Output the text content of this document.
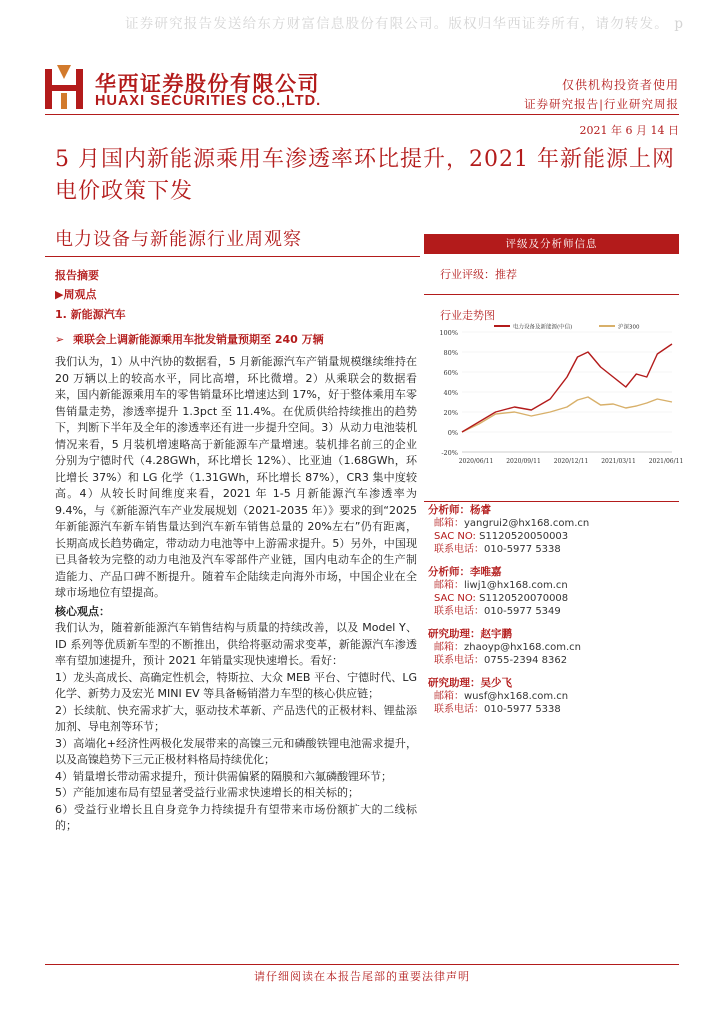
证券研究报告发送给东方财富信息股份有限公司。版权归华西证券所有，请勿转发。 p
华西证券股份有限公司
HUAXI SECURITIES CO.,LTD.
仅供机构投资者使用
证券研究报告|行业研究周报
2021 年 6 月 14 日
5 月国内新能源乘用车渗透率环比提升，2021 年新能源上网电价政策下发
电力设备与新能源行业周观察
报告摘要
▶周观点
1. 新能源汽车
➢ 乘联会上调新能源乘用车批发销量预期至 240 万辆
我们认为，1）从中汽协的数据看，5 月新能源汽车产销量规模继续维持在 20 万辆以上的较高水平，同比高增，环比微增。2）从乘联会的数据看来，国内新能源乘用车的零售销量环比增速达到 17%，好于整体乘用车零售销量走势，渗透率提升 1.3pct 至 11.4%。在优质供给持续推出的趋势下，判断下半年及全年的渗透率还有进一步提升空间。3）从动力电池装机情况来看，5 月装机增速略高于新能源车产量增速。装机排名前三的企业分别为宁德时代（4.28GWh，环比增长 12%）、比亚迪（1.68GWh，环比增长 37%）和 LG 化学（1.31GWh，环比增长 87%），CR3 集中度较高。4）从较长时间维度来看，2021 年 1-5 月新能源汽车渗透率为 9.4%，与《新能源汽车产业发展规划（2021-2035 年）》要求的到“2025 年新能源汽车新车销售量达到汽车新车销售总量的 20%左右”仍有距离，长期高成长趋势确定，带动动力电池等中上游需求提升。5）另外，中国现已具备较为完整的动力电池及汽车零部件产业链，国内电动车企的生产制造能力、产品口碑不断提升。随着车企陆续走向海外市场，中国企业在全球市场地位有望提高。
核心观点：
我们认为，随着新能源汽车销售结构与质量的持续改善，以及 Model Y、ID 系列等优质新车型的不断推出，供给将驱动需求变革，新能源汽车渗透率有望加速提升，预计 2021 年销量实现快速增长。看好：
1）龙头高成长、高确定性机会，特斯拉、大众 MEB 平台、宁德时代、LG 化学、新势力及宏光 MINI EV 等具备畅销潜力车型的核心供应链；
2）长续航、快充需求扩大，驱动技术革新、产品迭代的正极材料、锂盐添加剂、导电剂等环节；
3）高端化+经济性两极化发展带来的高镍三元和磷酸铁锂电池需求提升，以及高镍趋势下三元正极材料格局持续优化；
4）销量增长带动需求提升，预计供需偏紧的隔膜和六氟磷酸锂环节；
5）产能加速布局有望显著受益行业需求快速增长的相关标的；
6）受益行业增长且自身竞争力持续提升有望带来市场份额扩大的二线标的；
评级及分析师信息
行业评级：推荐
行业走势图
电力设备及新能源(中信)	沪深300
100%
80%
60%
40%
20%
0%
-20%
2020/06/11 2020/09/11 2020/12/11 2021/03/11 2021/06/11
分析师：杨睿
邮箱：yangrui2@hx168.com.cn
SAC NO: S1120520050003
联系电话：010-5977 5338
分析师：李唯嘉
邮箱：liwj1@hx168.com.cn
SAC NO: S1120520070008
联系电话：010-5977 5349
研究助理：赵宇鹏
邮箱：zhaoyp@hx168.com.cn
联系电话：0755-2394 8362
研究助理：吴少飞
邮箱：wusf@hx168.com.cn
联系电话：010-5977 5338
请仔细阅读在本报告尾部的重要法律声明
